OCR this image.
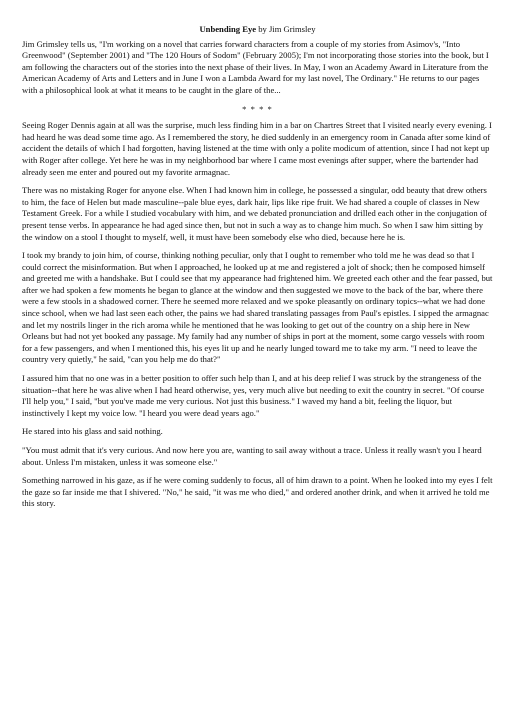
Unbending Eye by Jim Grimsley

Jim Grimsley tells us, "I'm working on a novel that carries forward characters from a couple of my stories from Asimov's, "Into Greenwood" (September 2001) and "The 120 Hours of Sodom" (February 2005); I'm not incorporating those stories into the book, but I am following the characters out of the stories into the next phase of their lives. In May, I won an Academy Award in Literature from the American Academy of Arts and Letters and in June I won a Lambda Award for my last novel, The Ordinary." He returns to our pages with a philosophical look at what it means to be caught in the glare of the...

* * * *

Seeing Roger Dennis again at all was the surprise, much less finding him in a bar on Chartres Street that I visited nearly every evening. I had heard he was dead some time ago. As I remembered the story, he died suddenly in an emergency room in Canada after some kind of accident the details of which I had forgotten, having listened at the time with only a polite modicum of attention, since I had not kept up with Roger after college. Yet here he was in my neighborhood bar where I came most evenings after supper, where the bartender had already seen me enter and poured out my favorite armagnac.

There was no mistaking Roger for anyone else. When I had known him in college, he possessed a singular, odd beauty that drew others to him, the face of Helen but made masculine--pale blue eyes, dark hair, lips like ripe fruit. We had shared a couple of classes in New Testament Greek. For a while I studied vocabulary with him, and we debated pronunciation and drilled each other in the conjugation of present tense verbs. In appearance he had aged since then, but not in such a way as to change him much. So when I saw him sitting by the window on a stool I thought to myself, well, it must have been somebody else who died, because here he is.

I took my brandy to join him, of course, thinking nothing peculiar, only that I ought to remember who told me he was dead so that I could correct the misinformation. But when I approached, he looked up at me and registered a jolt of shock; then he composed himself and greeted me with a handshake. But I could see that my appearance had frightened him. We greeted each other and the fear passed, but after we had spoken a few moments he began to glance at the window and then suggested we move to the back of the bar, where there were a few stools in a shadowed corner. There he seemed more relaxed and we spoke pleasantly on ordinary topics--what we had done since school, when we had last seen each other, the pains we had shared translating passages from Paul's epistles. I sipped the armagnac and let my nostrils linger in the rich aroma while he mentioned that he was looking to get out of the country on a ship here in New Orleans but had not yet booked any passage. My family had any number of ships in port at the moment, some cargo vessels with room for a few passengers, and when I mentioned this, his eyes lit up and he nearly lunged toward me to take my arm. "I need to leave the country very quietly," he said, "can you help me do that?"

I assured him that no one was in a better position to offer such help than I, and at his deep relief I was struck by the strangeness of the situation--that here he was alive when I had heard otherwise, yes, very much alive but needing to exit the country in secret. "Of course I'll help you," I said, "but you've made me very curious. Not just this business." I waved my hand a bit, feeling the liquor, but instinctively I kept my voice low. "I heard you were dead years ago."

He stared into his glass and said nothing.

"You must admit that it's very curious. And now here you are, wanting to sail away without a trace. Unless it really wasn't you I heard about. Unless I'm mistaken, unless it was someone else."

Something narrowed in his gaze, as if he were coming suddenly to focus, all of him drawn to a point. When he looked into my eyes I felt the gaze so far inside me that I shivered. "No," he said, "it was me who died," and ordered another drink, and when it arrived he told me this story.
